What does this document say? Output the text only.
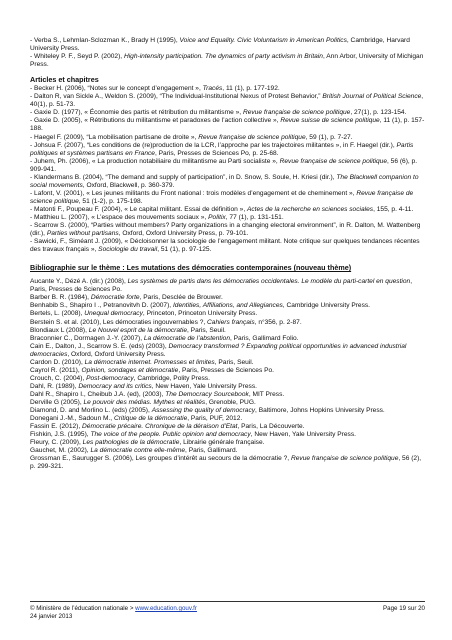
- Verba S., Lehmlan-Sclozman K., Brady H (1995), Voice and Equality. Civic Voluntarism in American Politics, Cambridge, Harvard University Press.
- Whiteley P. F., Seyd P. (2002), High-intensity participation. The dynamics of party activism in Britain, Ann Arbor, University of Michigan Press.
Articles et chapitres
- Becker H. (2006), “Notes sur le concept d’engagement », Tracés, 11 (1), p. 177-192.
- Dalton R, van Sickle A., Weldon S. (2009), “The Individual-Institutional Nexus of Protest Behavior,” British Journal of Political Science, 40(1), p. 51-73.
- Gaxie D. (1977), « Économie des partis et rétribution du militantisme », Revue française de science politique, 27(1), p. 123-154.
- Gaxie D. (2005), « Rétributions du militantisme et paradoxes de l’action collective », Revue suisse de science politique, 11 (1), p. 157-188.
- Haegel F. (2009), “La mobilisation partisane de droite », Revue française de science politique, 59 (1), p. 7-27.
- Johsua F. (2007), “Les conditions de (re)production de la LCR, l’approche par les trajectoires militantes », in F. Haegel (dir.), Partis politiques et systèmes partisans en France, Paris, Presses de Sciences Po, p. 25-68.
- Juhem, Ph. (2006), « La production notabiliaire du militantisme au Parti socialiste », Revue française de science politique, 56 (6), p. 909-941.
- Klandermans B. (2004), “The demand and supply of participation”, in D. Snow, S. Soule, H. Kriesi (dir.), The Blackwell companion to social movements, Oxford, Blackwell, p. 360-379.
- Lafont, V. (2001), « Les jeunes militants du Front national : trois modèles d’engagement et de cheminement », Revue française de science politique, 51 (1-2), p. 175-198.
- Matonti F., Poupeau F. (2004), « Le capital militant. Essai de définition », Actes de la recherche en sciences sociales, 155, p. 4-11.
- Matthieu L. (2007), « L’espace des mouvements sociaux », Politix, 77 (1), p. 131-151.
- Scarrow S. (2000), “Parties without members? Party organizations in a changing electoral environment”, in R. Dalton, M. Wattenberg (dir.), Parties without partisans, Oxford, Oxford University Press, p. 79-101.
- Sawicki, F., Siméant J. (2009), « Décloisonner la sociologie de l’engagement militant. Note critique sur quelques tendances récentes des travaux français », Sociologie du travail, 51 (1), p. 97-125.
Bibliographie sur le thème : Les mutations des démocraties contemporaines (nouveau thème)
Aucante Y., Dézé A. (dir.) (2008), Les systèmes de partis dans les démocraties occidentales. Le modèle du parti-cartel en question, Paris, Presses de Sciences Po.
Barber B. R. (1984), Démocratie forte, Paris, Desclée de Brouwer.
Benhabib S., Shapiro I ., Petranovitvh D. (2007), Identities, Affiliations, and Allegiances, Cambridge University Press.
Bertels, L. (2008), Unequal democracy, Princeton, Princeton University Press.
Berstein S. et al. (2010), Les démocraties ingouvernables ?, Cahiers français, n°356, p. 2-87.
Blondiaux L (2008), Le Nouvel esprit de la démocratie, Paris, Seuil.
Braconnier C., Dormagen J.-Y. (2007), La démocratie de l’abstention, Paris, Gallimard Folio.
Cain E., Dalton, J., Scarrow S. E. (eds) (2003), Democracy transformed ? Expanding political opportunities in advanced industrial democracies, Oxford, Oxford University Press.
Cardon D. (2010), La démocratie internet. Promesses et limites, Paris, Seuil.
Cayrol R. (2011), Opinion, sondages et démocratie, Paris, Presses de Sciences Po.
Crouch, C. (2004), Post-democracy, Cambridge, Polity Press.
Dahl, R. (1989), Democracy and its critics, New Haven, Yale University Press.
Dahl R., Shapiro I., Cheibub J.A. (ed), (2003), The Democracy Sourcebook, MIT Press.
Derville G (2005), Le pouvoir des médias. Mythes et réalités, Grenoble, PUG.
Diamond, D. and Morlino L. (eds) (2005), Assessing the quality of democracy, Baltimore, Johns Hopkins University Press.
Donegani J.-M., Sadoun M., Critique de la démocratie, Paris, PUF, 2012.
Fassin E. (2012), Démocratie précaire. Chronique de la déraison d’Etat, Paris, La Découverte.
Fishkin, J.S. (1995), The voice of the people. Public opinion and democracy, New Haven, Yale University Press.
Fleury, C. (2009), Les pathologies de la démocratie, Librairie générale française.
Gauchet, M. (2002), La démocratie contre elle-même, Paris, Gallimard.
Grossman E., Saurugger S. (2006), Les groupes d’intérêt au secours de la démocratie ?, Revue française de science politique, 56 (2), p. 299-321.
© Ministère de l’éducation nationale > www.education.gouv.fr	Page 19 sur 20
24 janvier 2013
